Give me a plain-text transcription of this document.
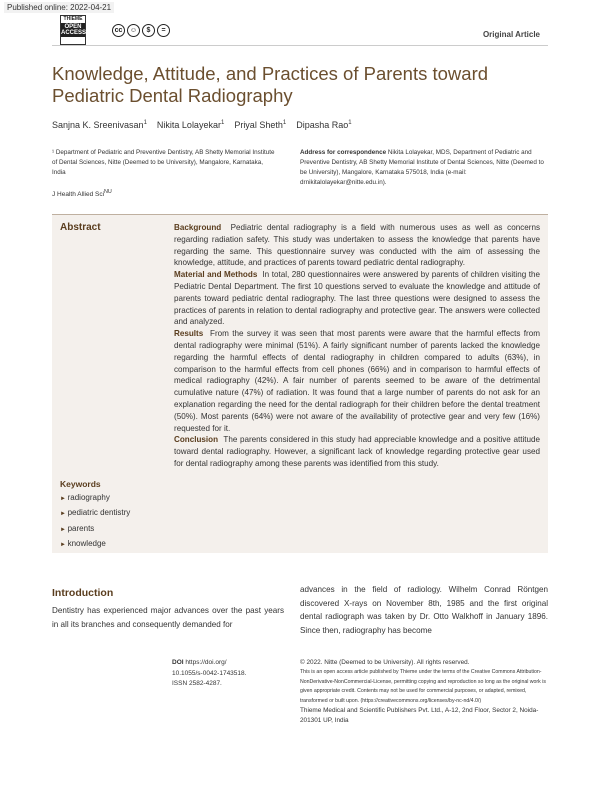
Published online: 2022-04-21
THIEME
OPEN ACCESS	cc	☺	$	=	Original Article
Knowledge, Attitude, and Practices of Parents toward Pediatric Dental Radiography
Sanjna K. Sreenivasan$^1$ Nikita Lolayekar$^1$ Priyal Sheth$^1$ Dipasha Rao$^1$
¹ Department of Pediatric and Preventive Dentistry, AB Shetty Memorial Institute of Dental Sciences, Nitte (Deemed to be University), Mangalore, Karnataka, India
Address for correspondence Nikita Lolayekar, MDS, Department of Pediatric and Preventive Dentistry, AB Shetty Memorial Institute of Dental Sciences, Nitte (Deemed to be University), Mangalore, Karnataka 575018, India (e-mail: drnikitalolayekar@nitte.edu.in).
J Health Allied Sci$^{NU}$
Abstract	Background Pediatric dental radiography is a field with numerous uses as well as concerns regarding radiation safety. This study was undertaken to assess the knowledge that parents have regarding the same. This questionnaire survey was conducted with the aim of assessing the knowledge, attitude, and practices of parents toward pediatric dental radiography.

Material and Methods In total, 280 questionnaires were answered by parents of children visiting the Pediatric Dental Department. The first 10 questions served to evaluate the knowledge and attitude of parents toward pediatric dental radiography. The last three questions were designed to assess the practices of parents in relation to dental radiography and protective gear. The answers were collected and analyzed.

Results From the survey it was seen that most parents were aware that the harmful effects from dental radiography were minimal (51%). A fairly significant number of parents lacked the knowledge regarding the harmful effects of dental radiography in children compared to adults (63%), in comparison to the harmful effects from cell phones (66%) and in comparison to harmful effects of medical radiography (42%). A fair number of parents seemed to be aware of the detrimental cumulative nature (47%) of radiation. It was found that a large number of parents do not ask for an explanation regarding the need for the dental radiograph for their children before the dental treatment (50%). Most parents (64%) were not aware of the availability of protective gear and very few (16%) requested for it.

Conclusion The parents considered in this study had appreciable knowledge and a positive attitude toward dental radiography. However, a significant lack of knowledge regarding protective gear used for dental radiography among these parents was identified from this study.

Keywords
► radiography
► pediatric dentistry
► parents
► knowledge
Introduction
Dentistry has experienced major advances over the past years in all its branches and consequently demanded for
advances in the field of radiology. Wilhelm Conrad Röntgen discovered X-rays on November 8th, 1985 and the first original dental radiograph was taken by Dr. Otto Walkhoff in January 1896. Since then, radiography has become
DOI https://doi.org/
10.1055/s-0042-1743518.
ISSN 2582-4287.
© 2022. Nitte (Deemed to be University). All rights reserved.
This is an open access article published by Thieme under the terms of the Creative Commons Attribution-NonDerivative-NonCommercial-License, permitting copying and reproduction so long as the original work is given appropriate credit. Contents may not be used for commercial purposes, or adapted, remixed, transformed or built upon. (https://creativecommons.org/licenses/by-nc-nd/4.0/)
Thieme Medical and Scientific Publishers Pvt. Ltd., A-12, 2nd Floor, Sector 2, Noida-201301 UP, India
